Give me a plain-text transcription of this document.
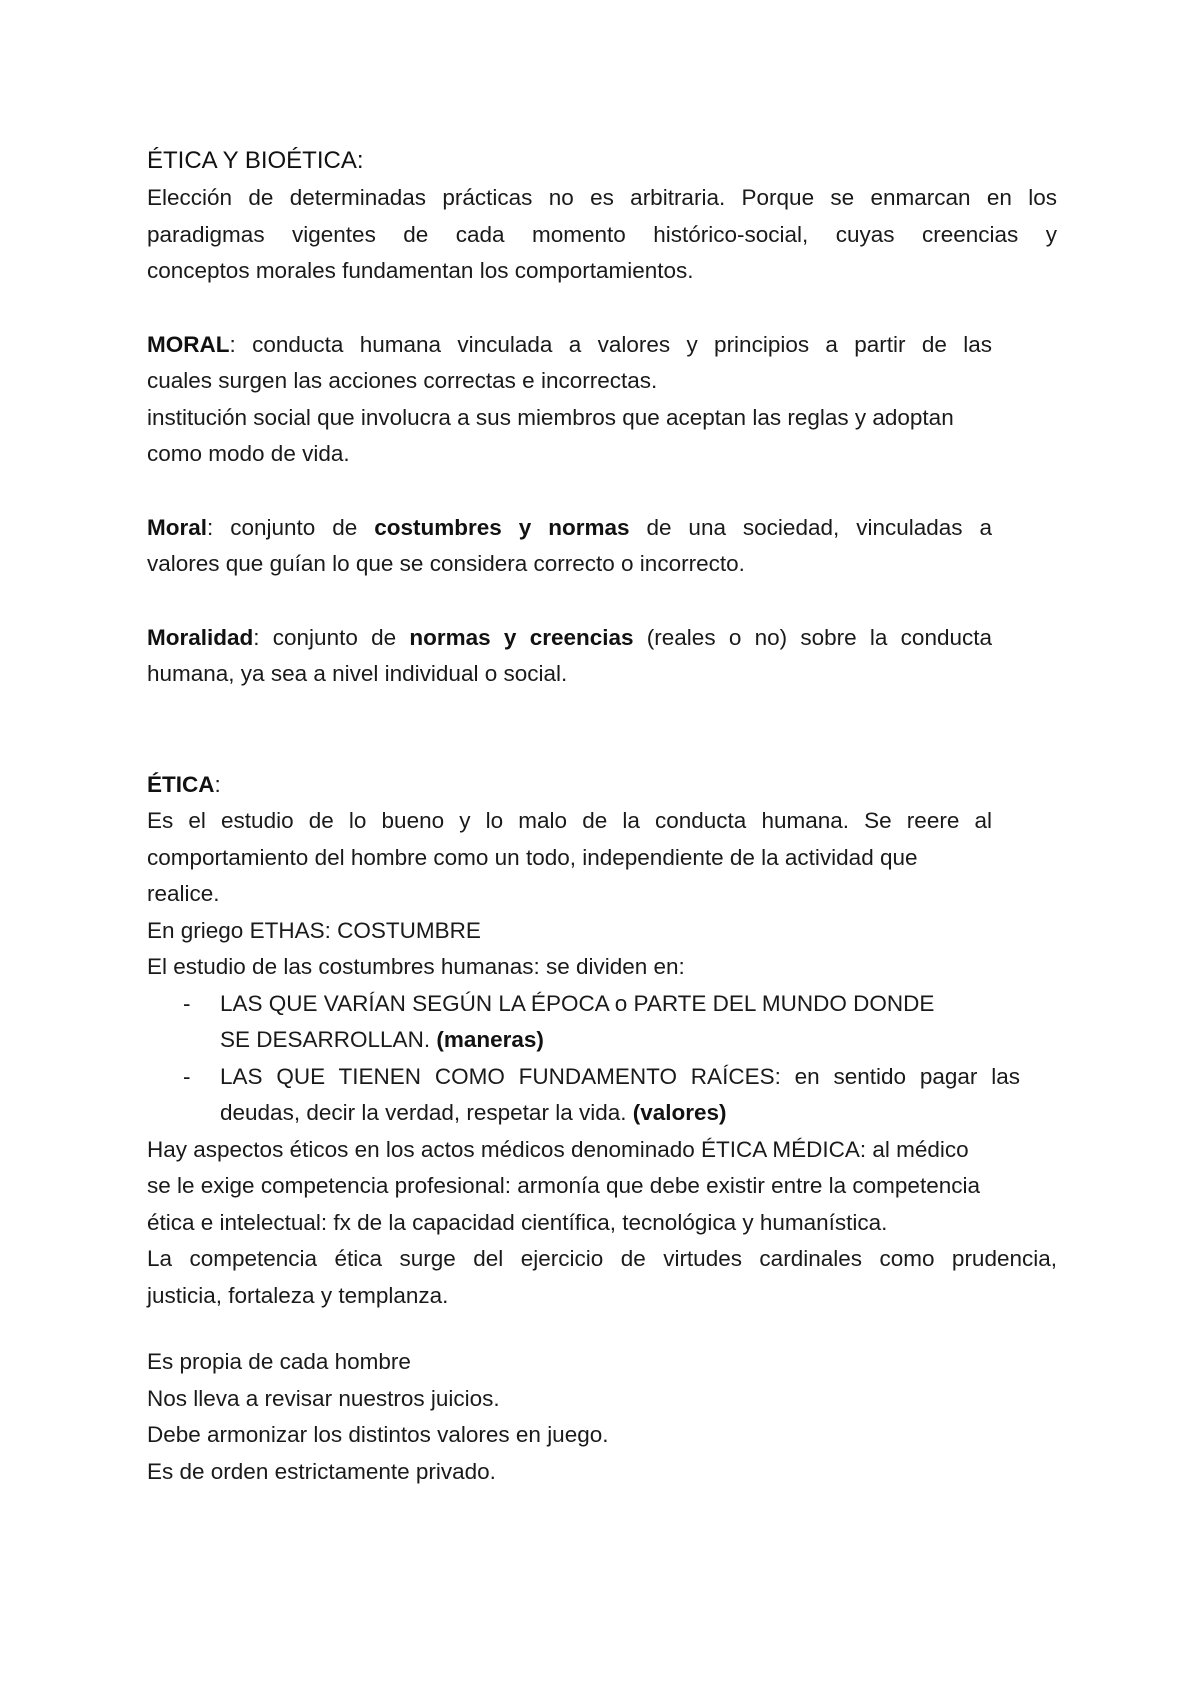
ÉTICA Y BIOÉTICA:

Elección de determinadas prácticas no es arbitraria. Porque se enmarcan en los

paradigmas vigentes de cada momento histórico-social, cuyas creencias y

conceptos morales fundamentan los comportamientos.

MORAL: conducta humana vinculada a valores y principios a partir de las

cuales surgen las acciones correctas e incorrectas.

institución social que involucra a sus miembros que aceptan las reglas y adoptan

como modo de vida.

Moral: conjunto de costumbres y normas de una sociedad, vinculadas a

valores que guían lo que se considera correcto o incorrecto.

Moralidad: conjunto de normas y creencias (reales o no) sobre la conducta

humana, ya sea a nivel individual o social.

ÉTICA:

Es el estudio de lo bueno y lo malo de la conducta humana. Se reere al

comportamiento del hombre como un todo, independiente de la actividad que

realice.

En griego ETHAS: COSTUMBRE

El estudio de las costumbres humanas: se dividen en:

-	LAS QUE VARÍAN SEGÚN LA ÉPOCA o PARTE DEL MUNDO DONDE

SE DESARROLLAN. (maneras)

-	LAS QUE TIENEN COMO FUNDAMENTO RAÍCES: en sentido pagar las

deudas, decir la verdad, respetar la vida. (valores)

Hay aspectos éticos en los actos médicos denominado ÉTICA MÉDICA: al médico

se le exige competencia profesional: armonía que debe existir entre la competencia

ética e intelectual: fx de la capacidad científica, tecnológica y humanística.

La competencia ética surge del ejercicio de virtudes cardinales como prudencia,

justicia, fortaleza y templanza.

Es propia de cada hombre

Nos lleva a revisar nuestros juicios.

Debe armonizar los distintos valores en juego.

Es de orden estrictamente privado.
